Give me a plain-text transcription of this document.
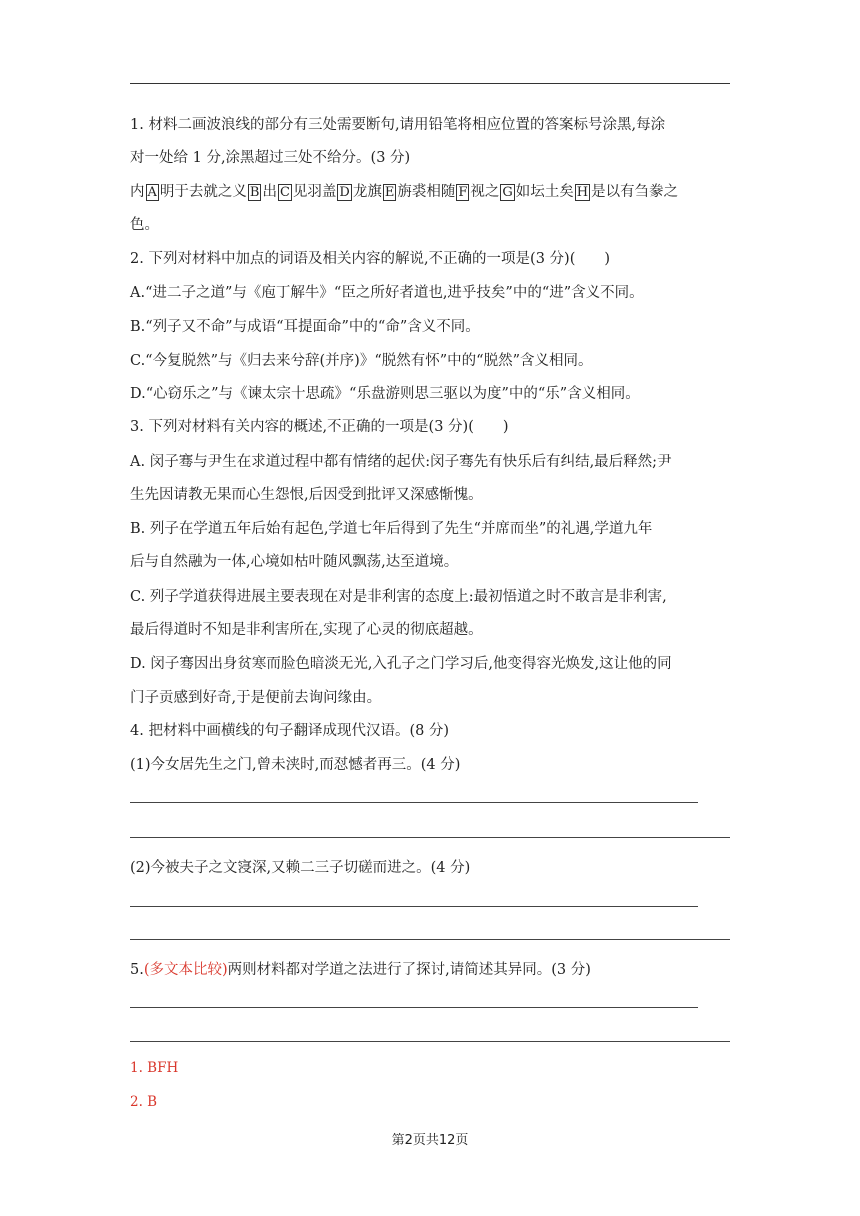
1. 材料二画波浪线的部分有三处需要断句,请用铅笔将相应位置的答案标号涂黑,每涂
对一处给 1 分,涂黑超过三处不给分。(3 分)
内 A 明于去就之义 B 出 C 见羽盖 D 龙旗 E 旃裘相随 F 视之 G 如坛土矣 H 是以有刍豢之
色。
2. 下列对材料中加点的词语及相关内容的解说,不正确的一项是(3 分)(　　)
A.“进二子之道”与《庖丁解牛》“臣之所好者道也,进乎技矣”中的“进”含义不同。
B.“列子又不命”与成语“耳提面命”中的“命”含义不同。
C.“今复脱然”与《归去来兮辞(并序)》“脱然有怀”中的“脱然”含义相同。
D.“心窃乐之”与《谏太宗十思疏》“乐盘游则思三驱以为度”中的“乐”含义相同。
3. 下列对材料有关内容的概述,不正确的一项是(3 分)(　　)
A. 闵子骞与尹生在求道过程中都有情绪的起伏:闵子骞先有快乐后有纠结,最后释然;尹
生先因请教无果而心生怨恨,后因受到批评又深感惭愧。
B. 列子在学道五年后始有起色,学道七年后得到了先生“并席而坐”的礼遇,学道九年
后与自然融为一体,心境如枯叶随风飘荡,达至道境。
C. 列子学道获得进展主要表现在对是非利害的态度上:最初悟道之时不敢言是非利害,
最后得道时不知是非利害所在,实现了心灵的彻底超越。
D. 闵子骞因出身贫寒而脸色暗淡无光,入孔子之门学习后,他变得容光焕发,这让他的同
门子贡感到好奇,于是便前去询问缘由。
4. 把材料中画横线的句子翻译成现代汉语。(8 分)
(1)今女居先生之门,曾未浃时,而怼憾者再三。(4 分)
(2)今被夫子之文寖深,又赖二三子切磋而进之。(4 分)
5.(多文本比较)两则材料都对学道之法进行了探讨,请简述其异同。(3 分)
1. BFH
2. B
第2页共12页
